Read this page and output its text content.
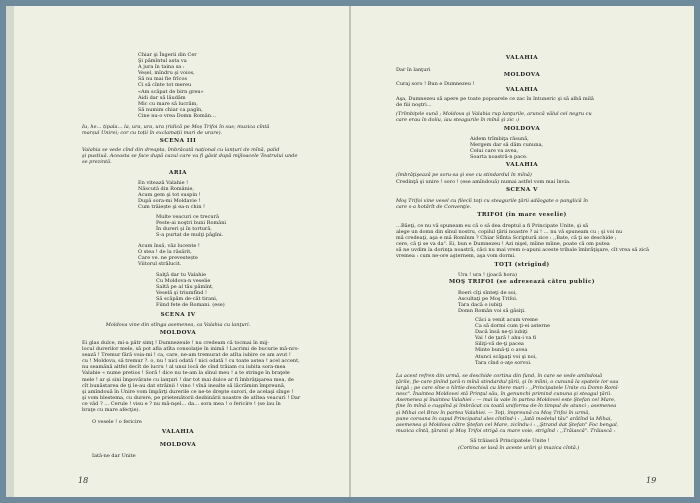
Chiar şi Îngerii din Cer
Şi pămîntul asta va
A jura în taina sa :
Veșel, mîndru şi voios,
Să nu mai fie frîcos
Ci să cînte tot mereu
«Am scăpat de birn greu»
Aidi dar să lăudăm
Mic cu mare să lucrăm,
Să numim chiar ca pagîn,
Cine nu-o vrea Domn Român…
Iu, he… țipala… la, ura, ura, ura (ridică pe Moș Trifoi în sus; muzica cîntă
marșul Unirei; cor cu toții în exclamații mari de urare).
SCENA III
Valahia se vede cînd din dreapta, îmbrăcată național cu lanțuri de mînă, palid
şi pustiuă. Aceasta se face după cazul care vu fi găsit după mijloacele Teatrului unde
se prezintă.
ARIA
En vitează Valahie !
Născută din Românie,
Acum gem şi tot suspin !
După sora-mi Moldavie !
Cum trăiește şi ea-n chin !
Multe veacuri ce trecură
Peste-ai noştri buni Români
În dureri şi în tortură,
S-a purtat de mulţi păgîni.
Acum însă, văz lucente !
O stea ! de la răsărit,
Care ve. ne prevestește
Viitorul strălucit.
Salţă dar tu Valahie
Cu Moldova-n veselie
Saltă pe al tău pămînt,
Veselă şi triumfînd !
Să scăpăm de-cât tirani,
Fiind fete de Romani. (ese)
SCENA IV
Moldova vine din stînga asemenea, ca Valahia cu lanţuri.
MOLDOVA
Ei glas dulce, mi-a pătr simţ ! Dumnezeule ! nu credeam că tocmai în mij-
locul durerilor mele, să pot afla atîta consolaţie în inimă ! Lacrimi de bucurie mă-nro-
sează ! Tremur fără voia-mi ! ca, care, ne-am tremurat de atîta iubire ce am avut !
cu ! Moldova, să tremur ?. o, nu ! nici odată ! nici odată ! cu toate astea ! acel accent,
nu seamănă altfel decît de lucru ! al unui locă de cînd trăiam cu iubita sora-mea
Valahie « nume pretios ! Soră ! dice nu te-am la sînul meu ! a te stringe în braţele
mele ! ar şi sini împovărate cu lanţuri ! dar tot mai dulce ar fi îmbrăţişarea mea, de
cît bunăstarea de ţi le-au dat străinii ! vino ! vînă inealte să lăcrămim împreună,
şi amîndouă în Unire vom împărţi durerile ce ne-te drepte surori, de acelaşi sînge !
şi vom blestema, cu durere, pe prietenătorii dezbinării noastre de atîtea veacuri ! Dar
ce văd ? … Cerule ! visu e ? nu mă-nşel… da… sora mea ! o fericire ! (se lau în
braţe cu mare afecţie).
O vesele ! o fericire
VALAHIA
MOLDOVA
Iată-ne dar Unite
18
VALAHIA
Dar în lanţuri
MOLDOVA
Curaj soro ! Bun e Dumnezeu !
VALAHIA
Aşa, Dumnezeu să apere pe toate popoarele ce zac în întuneric şi să albă milă
de fiii noştri…
(Trîmbiţele sună ; Moldova şi Valahia rup lanţurile, aruncă vălul cel negru cu
care erau în doliu, iau steagurile în mînă şi zic :)
MOLDOVA
Aidem trîmbiţa răsună,
Mergem dar să dăm cununa,
Celui care va avea,
Soarta noastră-n pace.
VALAHIA
(îmbrăţişează pe soru-sa şi ese cu stindardul în mînă)
Credinţă şi unire ! soro ! (ese amîndouă) numai astfel vom mai învia.
SCENA V
Moş Trifoi vine vesel cu filecîi toţi cu steagurile ţării adăogate o panglică în
care s-a hotărît de Convenţie.
TRIFOI (în mare veselie)
…Băeţi, ce nu vă spuneam eu că o să dea dreptul a fi Principate Unite, şi să
alege un domn din sînul nostru, copilul ţării noastre ? ai ! … nu vă spuneam cu ; şi voi nu
mă credeaţi, aşa e mă Romînm ? Chiar Sfînta Scriptură zice : ,,Bate, că ţi se deschide ;
cere, că ţi se va da". Ei, bun e Dumnezeu ! Azi nişel, mîine mîine, poate că om putea
să ne uvdim la dorinţa noastră, căci nu mai vrem o-apuni aceste tribale îmbrăţişare, cît vrea să zică
vremea : cum ne-ore aşternem, aşa vom dormi.
TOŢI (strigînd)
Ura ! ura ! (joacă hora)
MOŞ TRIFOI (se adresează cătru public)
Boeri cîţi sînteţi de soi,
Ascultaţi pe Moş Trifoi.
Tara dacă o iubiţi
Domn Român voi să găsiţi.
Căci a venit acum vreme
Ca să dormi cum ţi-ei asterne
Dacă însă ne-ţi iubiţi
Vai ! de ţară ! ahu-i va fi
Siliţi-vă de-ţi pacea
Minte bună-ţi o avea
Atunci scăpaţi voi şi noi,
Tara cînd o-aţe sorvoi.
La acest refren din urmă, se deschide cortina din fund, în care se vede amîndouă
ţările, fie-care ţinînd ţară-n mînă stindardul ţării, şi în mîini, o cunună la spatele lor sau
largă ; pe care sîne o hîrtie deschisă cu litere mari : ,,Principatele Unite cu Domn Romî-
nesc". Înaintea Moldovei stă Prinţul său, în genunchi primind cununa şi steagul ţării.
Asemenea şi înaintea Valahiei : — mai la vale în partea Moldovei este Ştefan cel Mare,
fine în mînă o cuşpînă şi îmbrăcat cu toată uniforma de-în timpul de atunci ; asemenea
şi Mihai cel Brav în partea Valahiei. — Toţi, împreună cu Moş Trifoi în urmă,
pune coroana în capul Principatul ales cîntînd-i : ,,Iată modelul tău" arătînd la Mihai,
asemenea şi Moldova către Ştefan cel Mare, zicîndu-i : ,,Ştrand dat Ştefan" Foc bengal,
muzica cîntă, ţăranii şi Moş Trifoi strigă cu mare voie, strigînd : ,,Trăiască". Trăiască :
Să trăiască Principatele Unite !
(Cortina se lasă în aceste urări şi muzica cîntă.)
19
